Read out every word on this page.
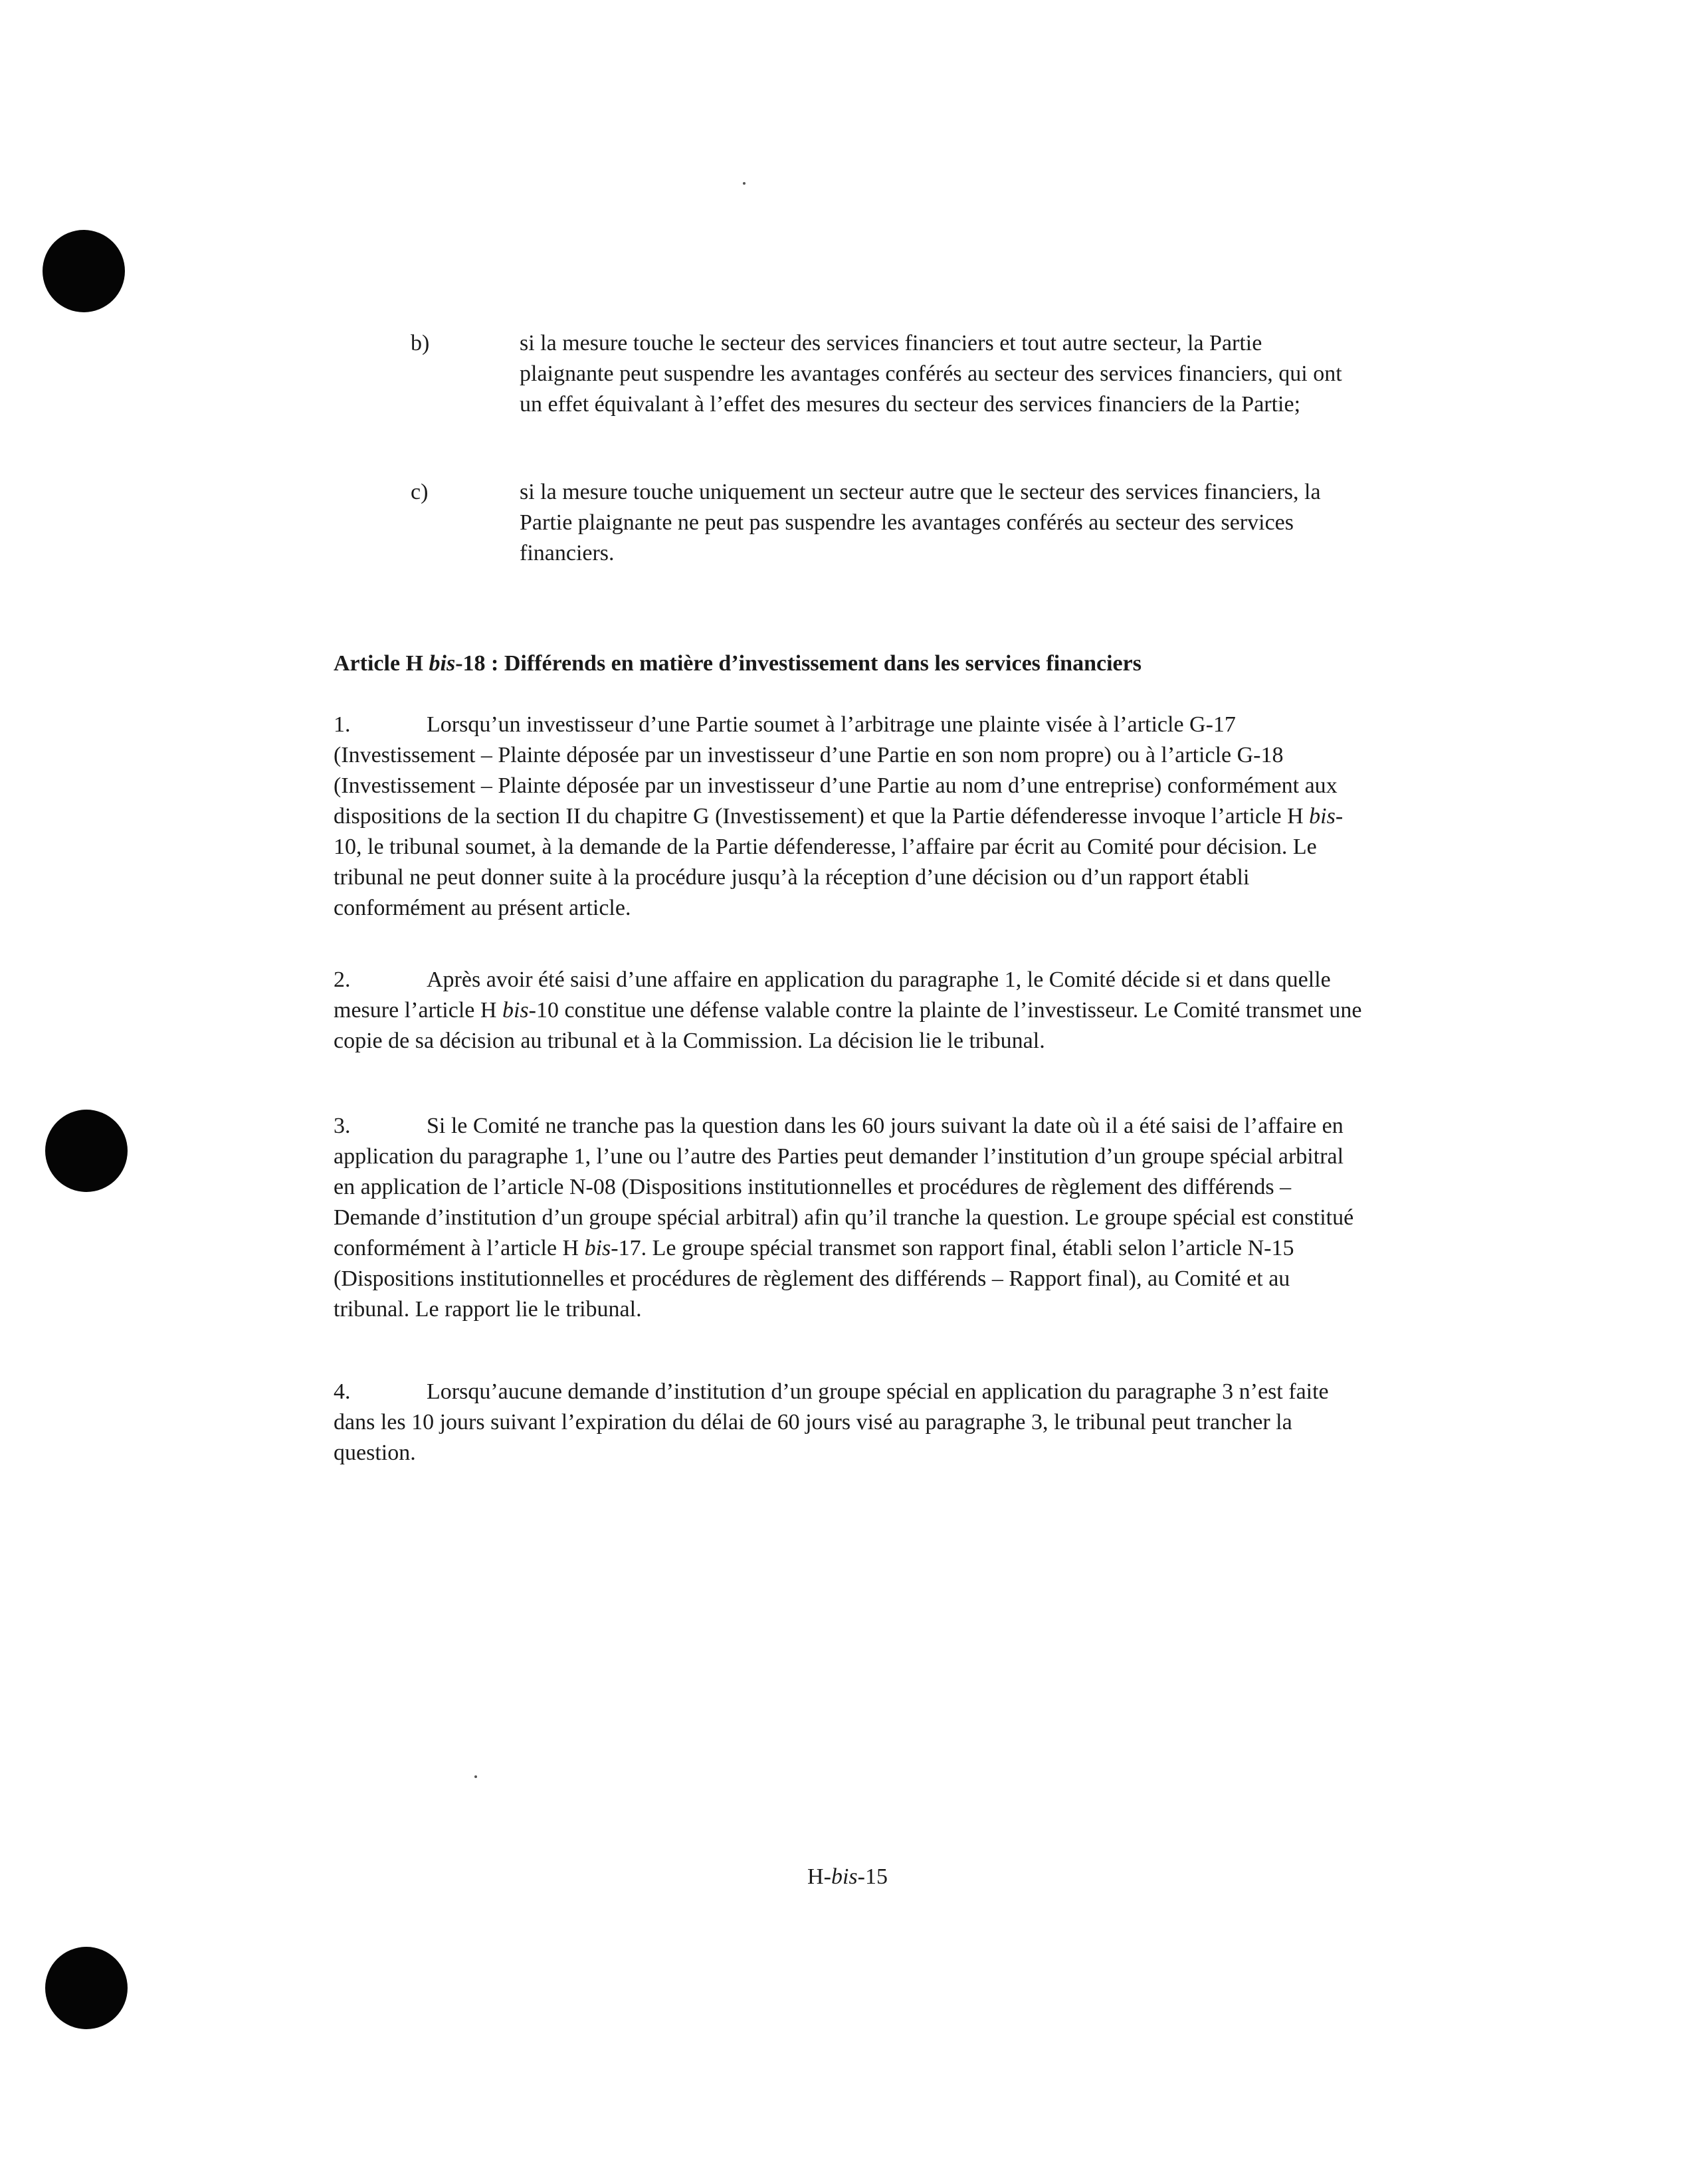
b)	si la mesure touche le secteur des services financiers et tout autre secteur, la Partie plaignante peut suspendre les avantages conférés au secteur des services financiers, qui ont un effet équivalant à l’effet des mesures du secteur des services financiers de la Partie;
c)	si la mesure touche uniquement un secteur autre que le secteur des services financiers, la Partie plaignante ne peut pas suspendre les avantages conférés au secteur des services financiers.
Article H bis-18 : Différends en matière d’investissement dans les services financiers
1.	Lorsqu’un investisseur d’une Partie soumet à l’arbitrage une plainte visée à l’article G-17 (Investissement – Plainte déposée par un investisseur d’une Partie en son nom propre) ou à l’article G-18 (Investissement – Plainte déposée par un investisseur d’une Partie au nom d’une entreprise) conformément aux dispositions de la section II du chapitre G (Investissement) et que la Partie défenderesse invoque l’article H bis-10, le tribunal soumet, à la demande de la Partie défenderesse, l’affaire par écrit au Comité pour décision. Le tribunal ne peut donner suite à la procédure jusqu’à la réception d’une décision ou d’un rapport établi conformément au présent article.
2.	Après avoir été saisi d’une affaire en application du paragraphe 1, le Comité décide si et dans quelle mesure l’article H bis-10 constitue une défense valable contre la plainte de l’investisseur. Le Comité transmet une copie de sa décision au tribunal et à la Commission. La décision lie le tribunal.
3.	Si le Comité ne tranche pas la question dans les 60 jours suivant la date où il a été saisi de l’affaire en application du paragraphe 1, l’une ou l’autre des Parties peut demander l’institution d’un groupe spécial arbitral en application de l’article N-08 (Dispositions institutionnelles et procédures de règlement des différends – Demande d’institution d’un groupe spécial arbitral) afin qu’il tranche la question. Le groupe spécial est constitué conformément à l’article H bis-17. Le groupe spécial transmet son rapport final, établi selon l’article N-15 (Dispositions institutionnelles et procédures de règlement des différends – Rapport final), au Comité et au tribunal. Le rapport lie le tribunal.
4.	Lorsqu’aucune demande d’institution d’un groupe spécial en application du paragraphe 3 n’est faite dans les 10 jours suivant l’expiration du délai de 60 jours visé au paragraphe 3, le tribunal peut trancher la question.
H-bis-15
